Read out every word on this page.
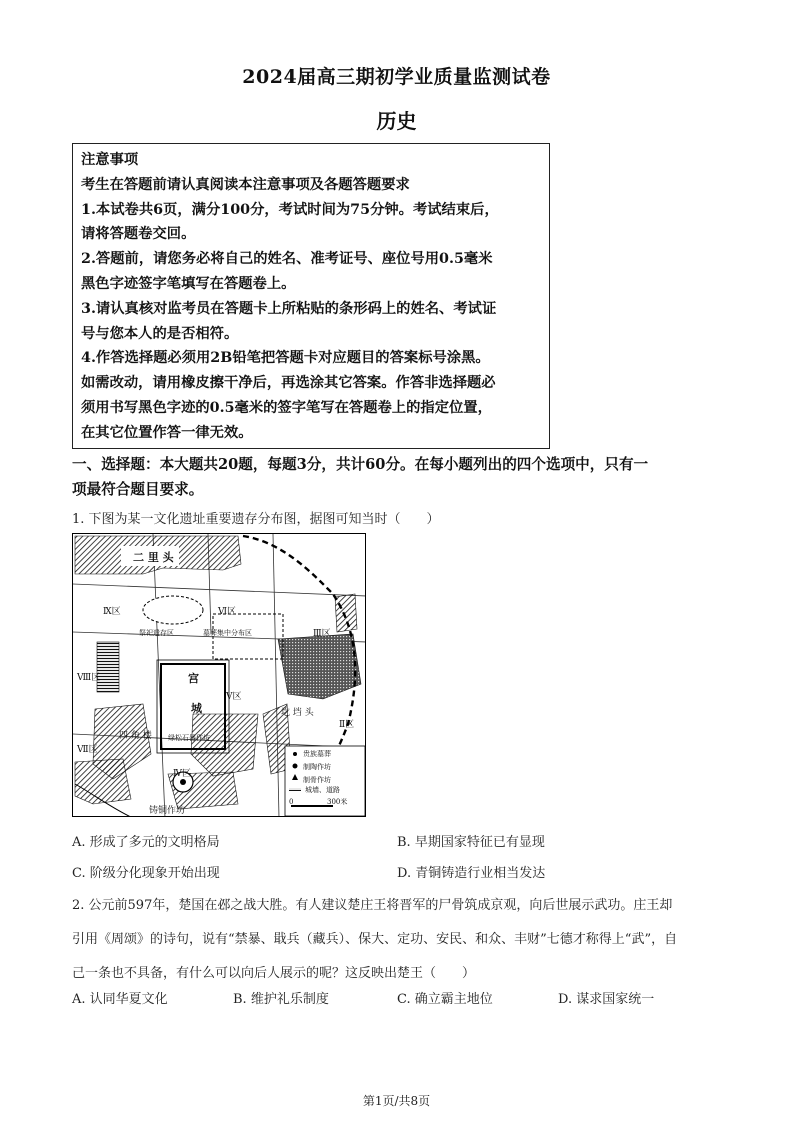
2024届高三期初学业质量监测试卷
历史

注意事项

考生在答题前请认真阅读本注意事项及各题答题要求

1.本试卷共6页，满分100分，考试时间为75分钟。考试结束后，

请将答题卷交回。

2.答题前，请您务必将自己的姓名、准考证号、座位号用0.5毫米

黑色字迹签字笔填写在答题卷上。

3.请认真核对监考员在答题卡上所粘贴的条形码上的姓名、考试证

号与您本人的是否相符。

4.作答选择题必须用2B铅笔把答题卡对应题目的答案标号涂黑。

如需改动，请用橡皮擦干净后，再选涂其它答案。作答非选择题必

须用书写黑色字迹的0.5毫米的签字笔写在答题卷上的指定位置，

在其它位置作答一律无效。

一、选择题：本大题共20题，每题3分，共计60分。在每小题列出的四个选项中，只有一
项最符合题目要求。
1. 下图为某一文化遗址重要遗存分布图，据图可知当时（　　）
二 里 头
Ⅸ区	Ⅵ区
Ⅲ区
Ⅷ区
Ⅶ区
Ⅴ区
Ⅳ区
Ⅱ区
祭祀遗存区	墓葬集中分布区
宫
城
四 角 楼
圪 垱 头
绿松石器作坊
铸铜作坊
贵族墓葬
制陶作坊
制骨作坊
城墙、道路
0	300米
A. 形成了多元的文明格局	B. 早期国家特征已有显现
C. 阶级分化现象开始出现	D. 青铜铸造行业相当发达
2. 公元前597年，楚国在邲之战大胜。有人建议楚庄王将晋军的尸骨筑成京观，向后世展示武功。庄王却
引用《周颂》的诗句，说有“禁暴、戢兵（藏兵）、保大、定功、安民、和众、丰财”七德才称得上“武”，自
己一条也不具备，有什么可以向后人展示的呢？这反映出楚王（　　）
A. 认同华夏文化	B. 维护礼乐制度	C. 确立霸主地位	D. 谋求国家统一
第1页/共8页
